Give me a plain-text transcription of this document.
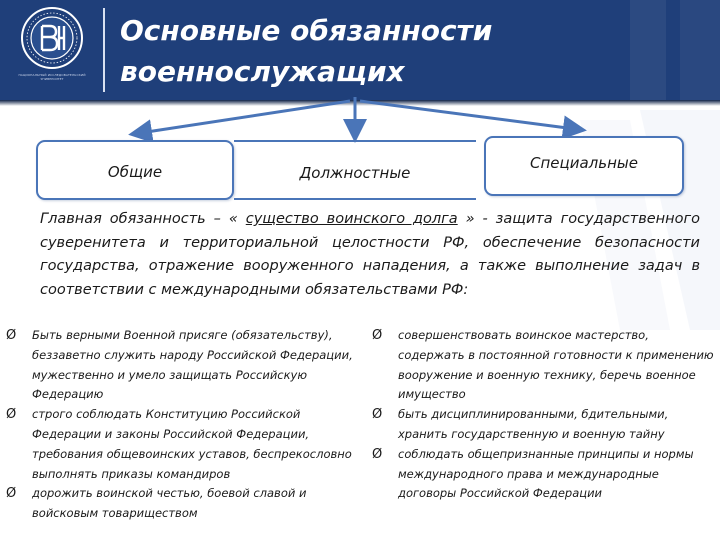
НАЦИОНАЛЬНЫЙ ИССЛЕДОВАТЕЛЬСКИЙ УНИВЕРСИТЕТ
Основные обязанности
военнослужащих
Общие	Должностные
Специальные
Главная обязанность – « существо воинского долга » - защита государственного суверенитета и территориальной целостности РФ, обеспечение безопасности государства, отражение вооруженного нападения, а также выполнение задач в соответствии с международными обязательствами РФ:
Ø	Быть верными Военной присяге (обязательству), беззаветно служить народу Российской Федерации, мужественно и умело защищать Российскую Федерацию
Ø	строго соблюдать Конституцию Российской Федерации и законы Российской Федерации, требования общевоинских уставов, беспрекословно выполнять приказы командиров
Ø	дорожить воинской честью, боевой славой и войсковым товариществом
Ø	совершенствовать воинское мастерство, содержать в постоянной готовности к применению вооружение и военную технику, беречь военное имущество
Ø	быть дисциплинированными, бдительными, хранить государственную и военную тайну
Ø	соблюдать общепризнанные принципы и нормы международного права и международные договоры Российской Федерации
